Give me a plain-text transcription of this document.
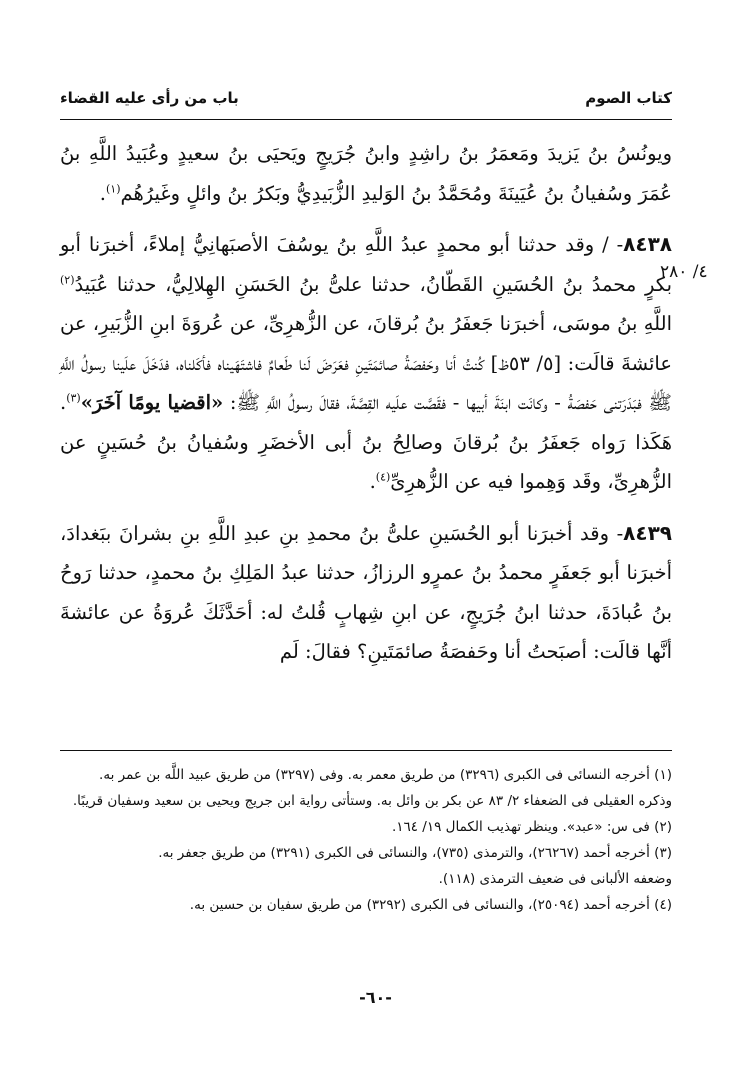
كتاب الصوم
باب من رأى عليه القضاء
٤/ ٢٨٠

ويونُسُ بنُ يَزيدَ ومَعمَرُ بنُ راشِدٍ وابنُ جُرَيجٍ ويَحيَى بنُ سعيدٍ وعُبَيدُ اللَّهِ بنُ عُمَرَ وسُفيانُ بنُ عُيَينَةَ ومُحَمَّدُ بنُ الوَليدِ الزُّبَيدِيُّ وبَكرُ بنُ وائلٍ وغَيرُهُم$^{(١)}$.

٨٤٣٨- / وقد حدثنا أبو محمدٍ عبدُ اللَّهِ بنُ يوسُفَ الأصبَهانِيُّ إملاءً، أخبرَنا أبو بكرٍ محمدُ بنُ الحُسَينِ القَطّانُ، حدثنا علىُّ بنُ الحَسَنِ الهِلالِيُّ، حدثنا عُبَيدُ$^{(٢)}$ اللَّهِ بنُ موسَى، أخبرَنا جَعفَرُ بنُ بُرقانَ، عن الزُّهرِىِّ، عن عُروَةَ ابنِ الزُّبَيرِ، عن عائشةَ قالَت: [٥/ ٥٣ظ] كُنتُ أنا وحَفصَةُ صائمَتَينِ فعَرَضَ لَنا طَعامٌ فاشتَهَيناه فأكَلناه، فدَخَلَ علَينا رسولُ اللَّهِ ﷺ فبَدَرَتنى حَفصَةُ - وكانَت ابنَةَ أبيها - فقَصَّت علَيه القِصَّةَ، فقالَ رسولُ اللَّهِ ﷺ: «اقضيا يومًا آخَرَ»$^{(٣)}$. هَكَذا رَواه جَعفَرُ بنُ بُرقانَ وصالِحُ بنُ أبى الأخضَرِ وسُفيانُ بنُ حُسَينٍ عن الزُّهرِىِّ، وقَد وَهِموا فيه عن الزُّهرِىِّ$^{(٤)}$.

٨٤٣٩- وقد أخبرَنا أبو الحُسَينِ علىُّ بنُ محمدِ بنِ عبدِ اللَّهِ بنِ بشرانَ ببَغدادَ، أخبرَنا أبو جَعفَرٍ محمدُ بنُ عمرٍو الرزازُ، حدثنا عبدُ المَلِكِ بنُ محمدٍ، حدثنا رَوحُ بنُ عُبادَةَ، حدثنا ابنُ جُرَيجٍ، عن ابنِ شِهابٍ قُلتُ له: أحَدَّثَكَ عُروَةُ عن عائشةَ أنَّها قالَت: أصبَحتُ أنا وحَفصَةُ صائمَتَينِ؟ فقالَ: لَم

(١) أخرجه النسائى فى الكبرى (٣٢٩٦) من طريق معمر به. وفى (٣٢٩٧) من طريق عبيد اللَّه بن عمر به.

وذكره العقيلى فى الضعفاء ٢/ ٨٣ عن بكر بن وائل به. وستأتى رواية ابن جريج ويحيى بن سعيد وسفيان قريبًا.

(٢) فى س: «عبد». وينظر تهذيب الكمال ١٩/ ١٦٤.

(٣) أخرجه أحمد (٢٦٢٦٧)، والترمذى (٧٣٥)، والنسائى فى الكبرى (٣٢٩١) من طريق جعفر به.

وضعفه الألبانى فى ضعيف الترمذى (١١٨).

(٤) أخرجه أحمد (٢٥٠٩٤)، والنسائى فى الكبرى (٣٢٩٢) من طريق سفيان بن حسين به.

-٦٠-
